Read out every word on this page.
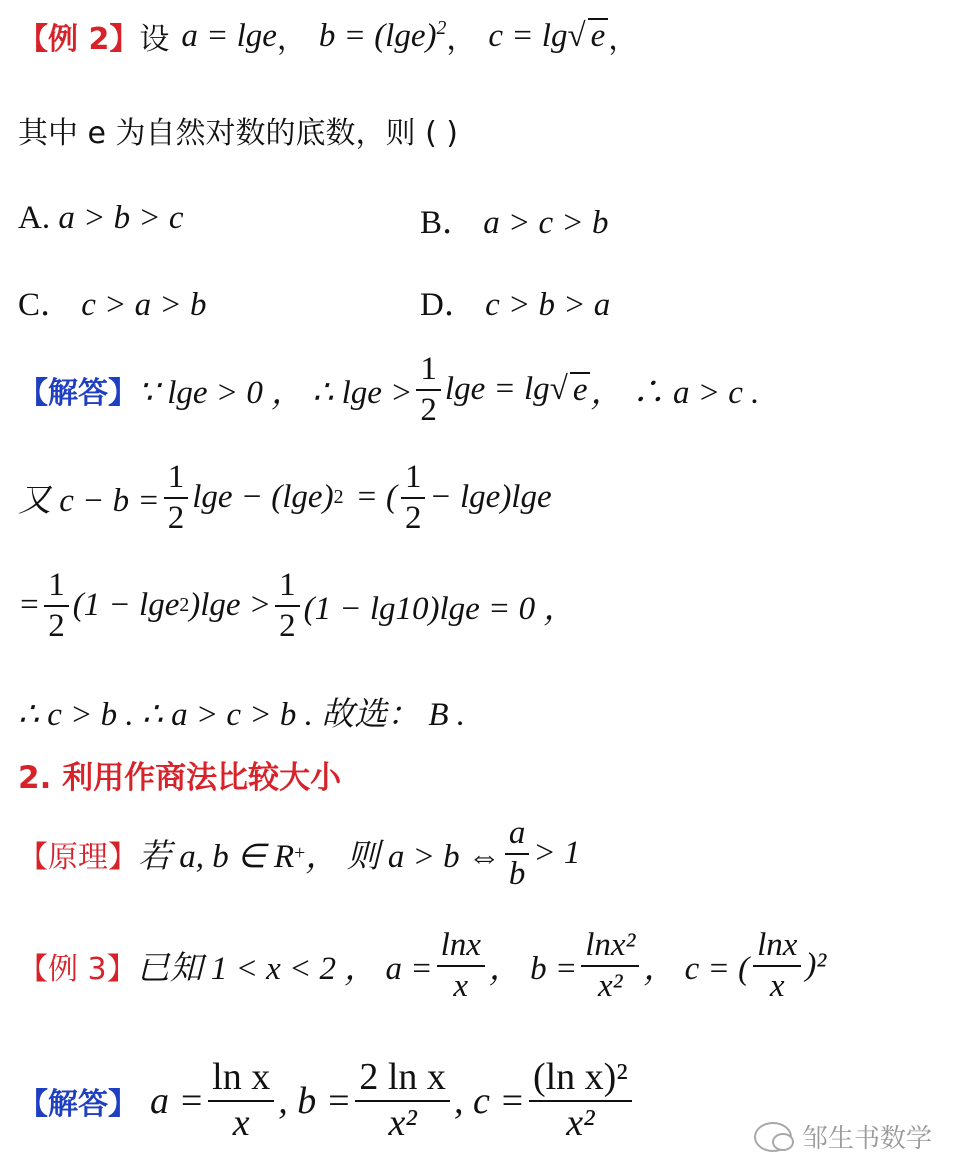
【例 2】 设 a = lge ， $b = (\lg e)^2$ ， c = lg√ e ，
其中 e 为自然对数的底数，则 ( )
A. a > b > c	B． a > c > b
C． c > a > b	D． c > b > a
【解答】 ∵ lge > 0 ， ∴ $\lg e > \frac{1}{2}$ lge = lg √ e ， ∴ a > c .
又 $c - b = \frac{1}{2}$ lge − (lge) 2 = ( $\frac{1}{2} - \lg e)\lg e$
= $\frac{1}{2} (1 - \lg e$ 2 )$\lg e > \frac{1}{2} (1 - \lg 10)\lg e = 0$ ，
∴ c > b . ∴ a > c > b . 故选： B .
2. 利用作商法比较大小
【原理】 若 a, b ∈ R + ， 则 a > b ⇔ $\frac{a}{b} > 1$
【例 3】 已知 1 < x < 2 ， $a = \frac{\ln x}{x}$ ， $b = \frac{\text{lnx²}}{\text{x²}}$ ， c = ( $\frac{\ln x}{x} )^2$
【解答】 $a = \frac{\text{ln x}}{x}$ , $b = \frac{\text{2 ln x}}{\text{x²}}$ , $c = \frac{\text{(ln x)²}}{\text{x²}}$	邹生书数学
